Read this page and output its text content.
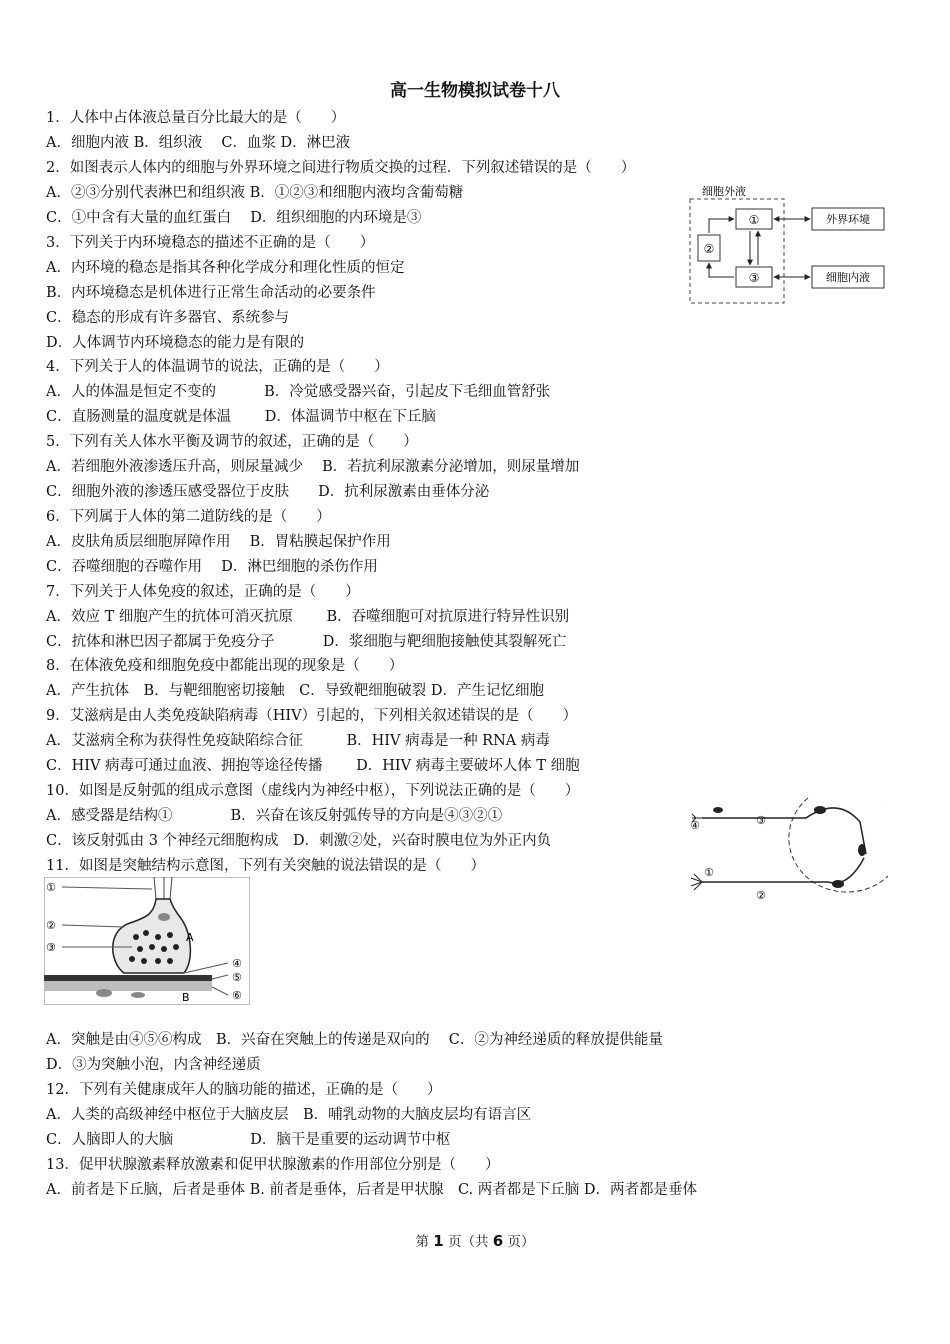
高一生物模拟试卷十八
1．人体中占体液总量百分比最大的是（　　）
A．细胞内液 B．组织液　 C．血浆 D．淋巴液
2．如图表示人体内的细胞与外界环境之间进行物质交换的过程．下列叙述错误的是（　　）
A．②③分别代表淋巴和组织液 B．①②③和细胞内液均含葡萄糖
C．①中含有大量的血红蛋白　 D．组织细胞的内环境是③
3．下列关于内环境稳态的描述不正确的是（　　）
A．内环境的稳态是指其各种化学成分和理化性质的恒定
B．内环境稳态是机体进行正常生命活动的必要条件
C．稳态的形成有许多器官、系统参与
D．人体调节内环境稳态的能力是有限的
4．下列关于人的体温调节的说法，正确的是（　　）
A．人的体温是恒定不变的　　　 B．冷觉感受器兴奋，引起皮下毛细血管舒张
C．直肠测量的温度就是体温　　 D．体温调节中枢在下丘脑
5．下列有关人体水平衡及调节的叙述，正确的是（　　）
A．若细胞外液渗透压升高，则尿量减少　 B．若抗利尿激素分泌增加，则尿量增加
C．细胞外液的渗透压感受器位于皮肤　　D．抗利尿激素由垂体分泌
6．下列属于人体的第二道防线的是（　　）
A．皮肤角质层细胞屏障作用　 B．胃粘膜起保护作用
C．吞噬细胞的吞噬作用　 D．淋巴细胞的杀伤作用
7．下列关于人体免疫的叙述，正确的是（　　）
A．效应 T 细胞产生的抗体可消灭抗原　　 B．吞噬细胞可对抗原进行特异性识别
C．抗体和淋巴因子都属于免疫分子　　　 D．浆细胞与靶细胞接触使其裂解死亡
8．在体液免疫和细胞免疫中都能出现的现象是（　　）
A．产生抗体　B．与靶细胞密切接触　C．导致靶细胞破裂 D．产生记忆细胞
9．艾滋病是由人类免疫缺陷病毒（HIV）引起的，下列相关叙述错误的是（　　）
A．艾滋病全称为获得性免疫缺陷综合征　　　B．HIV 病毒是一种 RNA 病毒
C．HIV 病毒可通过血液、拥抱等途径传播　　 D．HIV 病毒主要破坏人体 T 细胞
10．如图是反射弧的组成示意图（虚线内为神经中枢），下列说法正确的是（　　）
A．感受器是结构①　　　　B．兴奋在该反射弧传导的方向是④③②①
C．该反射弧由 3 个神经元细胞构成　D．刺激②处，兴奋时膜电位为外正内负
11．如图是突触结构示意图，下列有关突触的说法错误的是（　　）
A．突触是由④⑤⑥构成　B．兴奋在突触上的传递是双向的　 C．②为神经递质的释放提供能量
D．③为突触小泡，内含神经递质
12．下列有关健康成年人的脑功能的描述，正确的是（　　）
A．人类的高级神经中枢位于大脑皮层　B．哺乳动物的大脑皮层均有语言区
C．人脑即人的大脑　　　　　 D．脑干是重要的运动调节中枢
13．促甲状腺激素释放激素和促甲状腺激素的作用部位分别是（　　）
A．前者是下丘脑，后者是垂体 B. 前者是垂体，后者是甲状腺　C. 两者都是下丘脑 D．两者都是垂体
细胞外液
①
②
③
外界环境
细胞内液
④	③
②
①
①
②
③
④
⑤
⑥
A
B
第 1 页（共 6 页）
